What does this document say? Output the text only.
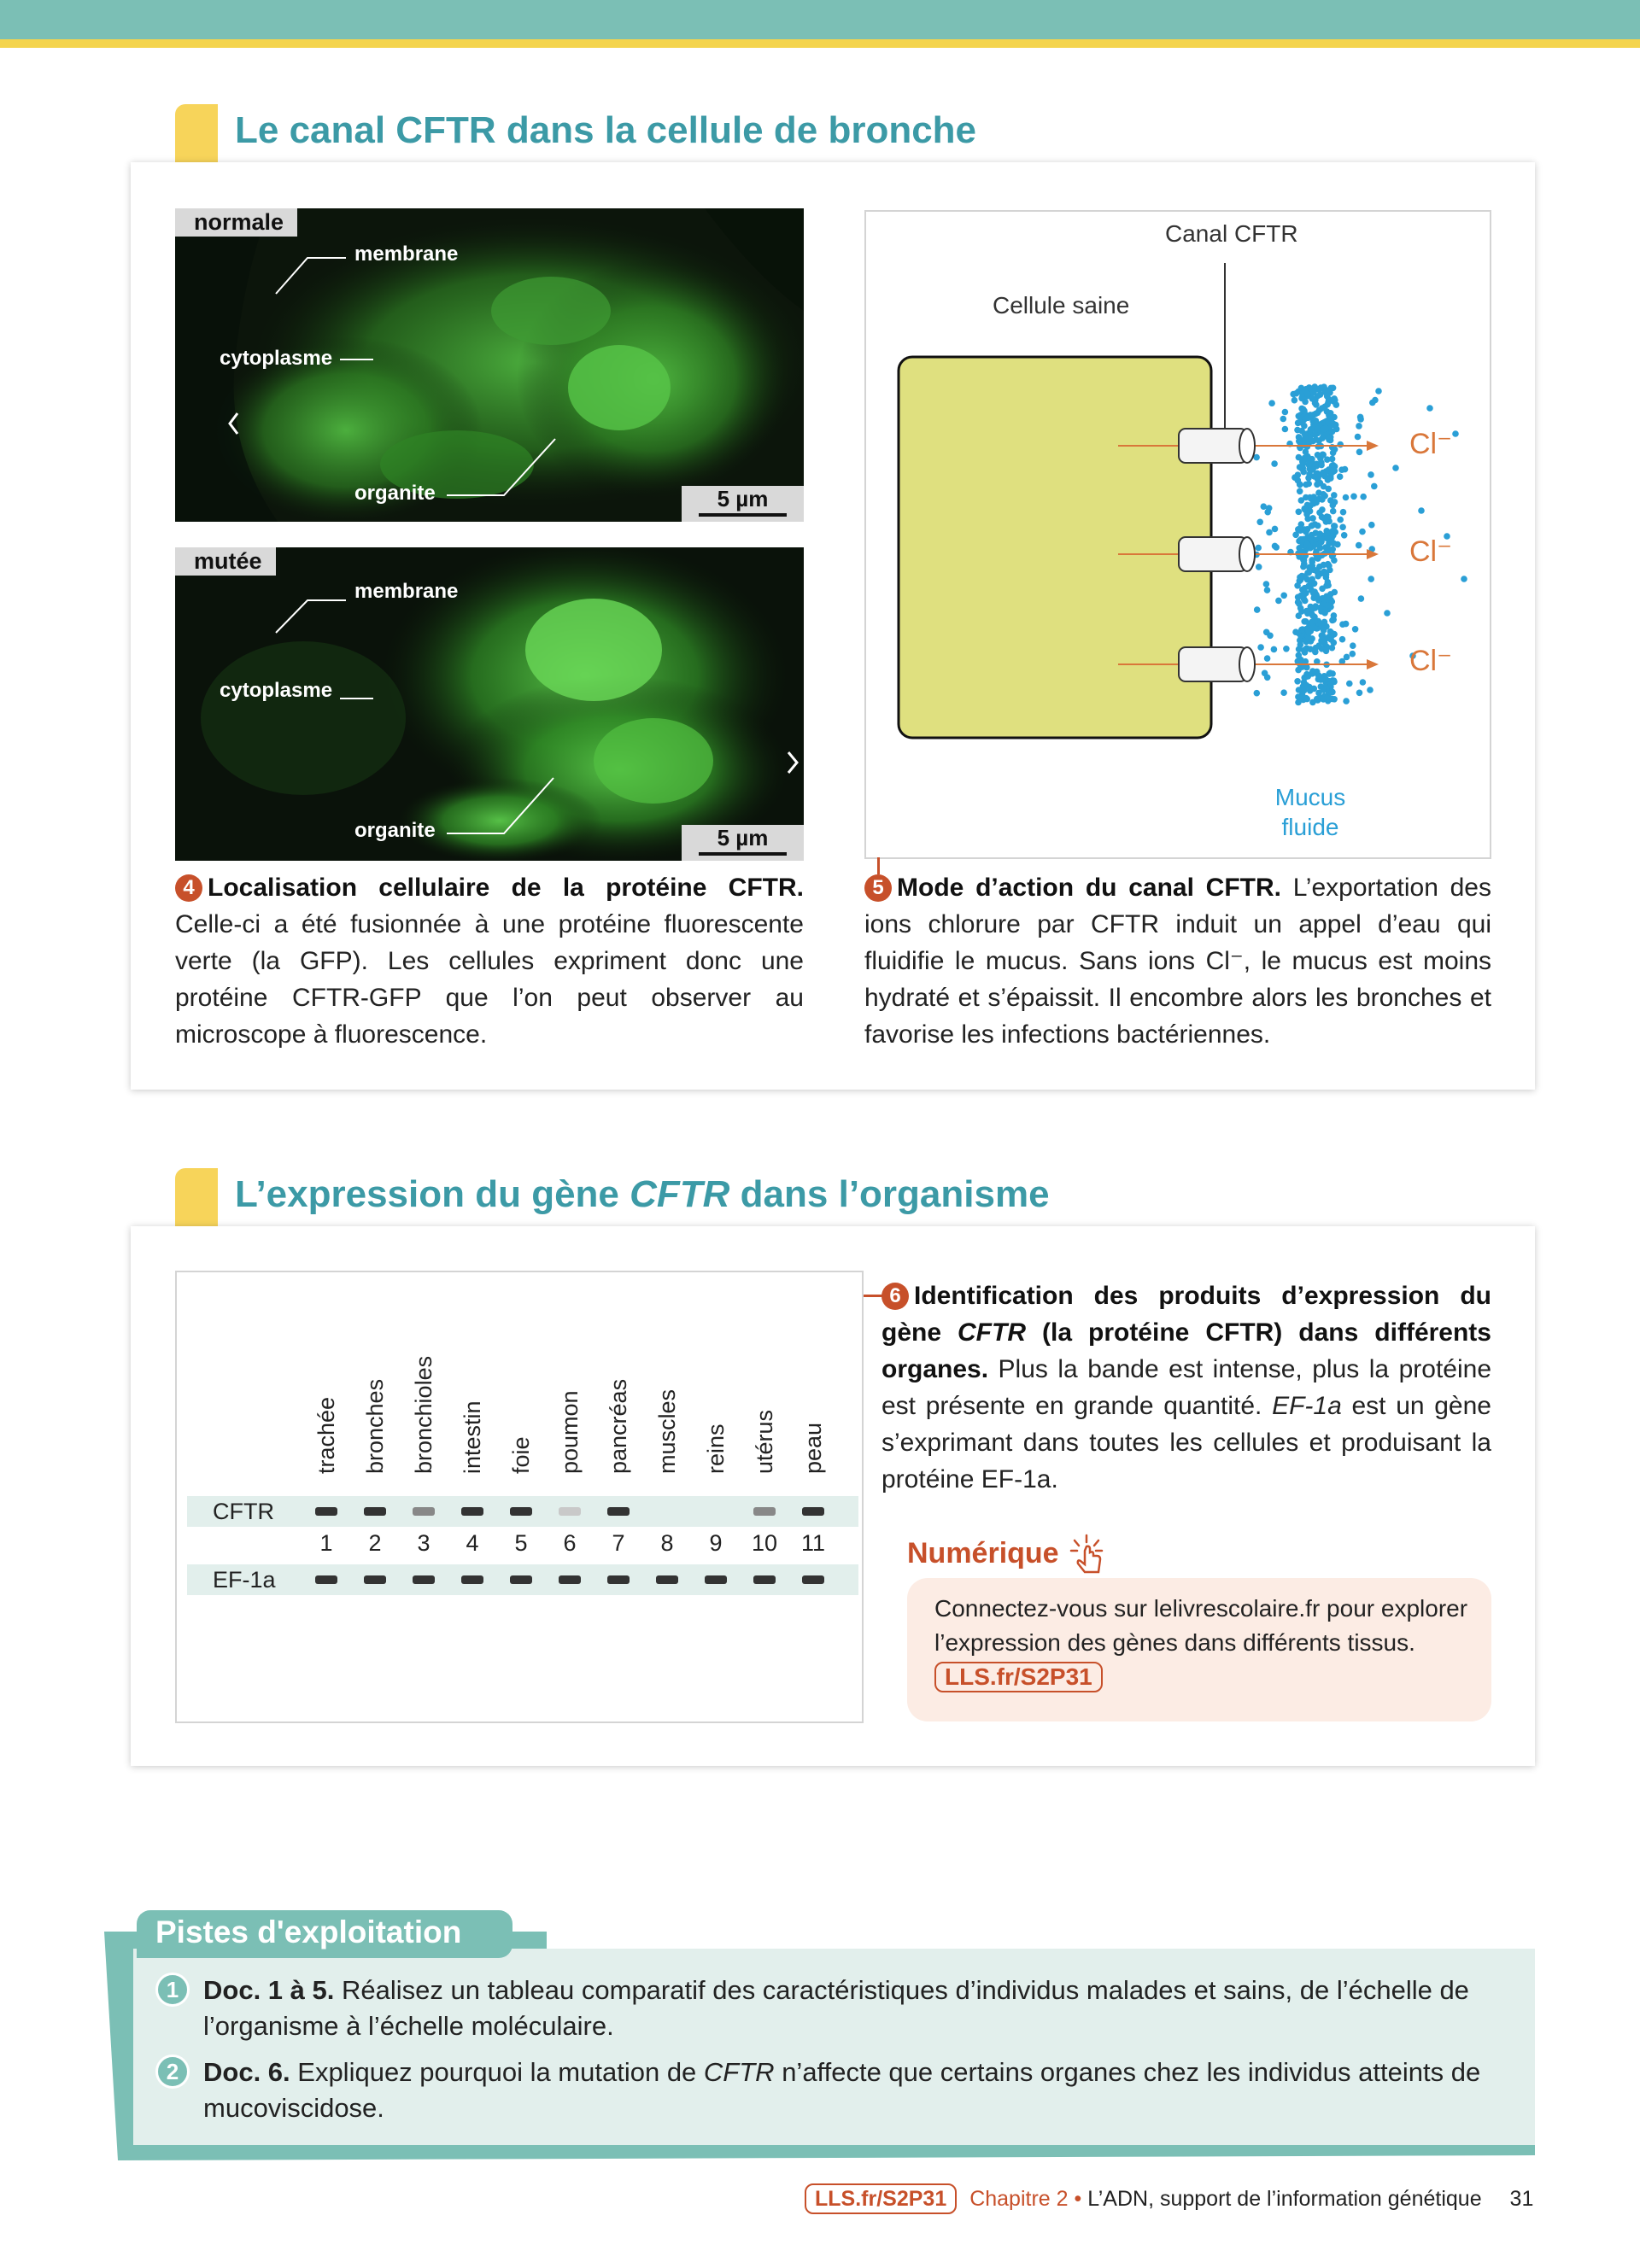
Le canal CFTR dans la cellule de bronche
normale
membrane
cytoplasme
organite	5 µm
mutée
membrane
cytoplasme
organite	5 µm
4 Localisation cellulaire de la protéine CFTR. Celle-ci a été fusionnée à une protéine fluorescente verte (la GFP). Les cellules expriment donc une protéine CFTR-GFP que l’on peut observer au microscope à fluorescence.
Canal CFTR
Cellule saine
Cl⁻
Cl⁻
Cl⁻
Mucus
fluide
5 Mode d’action du canal CFTR. L’exportation des ions chlorure par CFTR induit un appel d’eau qui fluidifie le mucus. Sans ions Cl⁻, le mucus est moins hydraté et s’épaissit. Il encombre alors les bronches et favorise les infections bactériennes.
L’expression du gène CFTR dans l’organisme
trachée bronches bronchioles intestin foie poumon pancréas muscles reins utérus peau
CFTR
EF-1a
1	2	3	4	5	6	7	8	9	10 11
6 Identification des produits d’expression du gène CFTR (la protéine CFTR) dans différents organes. Plus la bande est intense, plus la protéine est présente en grande quantité. EF-1a est un gène s’exprimant dans toutes les cellules et produisant la protéine EF-1a.
Numérique
Connectez-vous sur lelivrescolaire.fr pour explorer l’expression des gènes dans différents tissus. LLS.fr/S2P31
Pistes d'exploitation
1 Doc. 1 à 5. Réalisez un tableau comparatif des caractéristiques d’individus malades et sains, de l’échelle de l’organisme à l’échelle moléculaire.
2 Doc. 6. Expliquez pourquoi la mutation de CFTR n’affecte que certains organes chez les individus atteints de mucoviscidose.
LLS.fr/S2P31 Chapitre 2 • L’ADN, support de l’information génétique 31
